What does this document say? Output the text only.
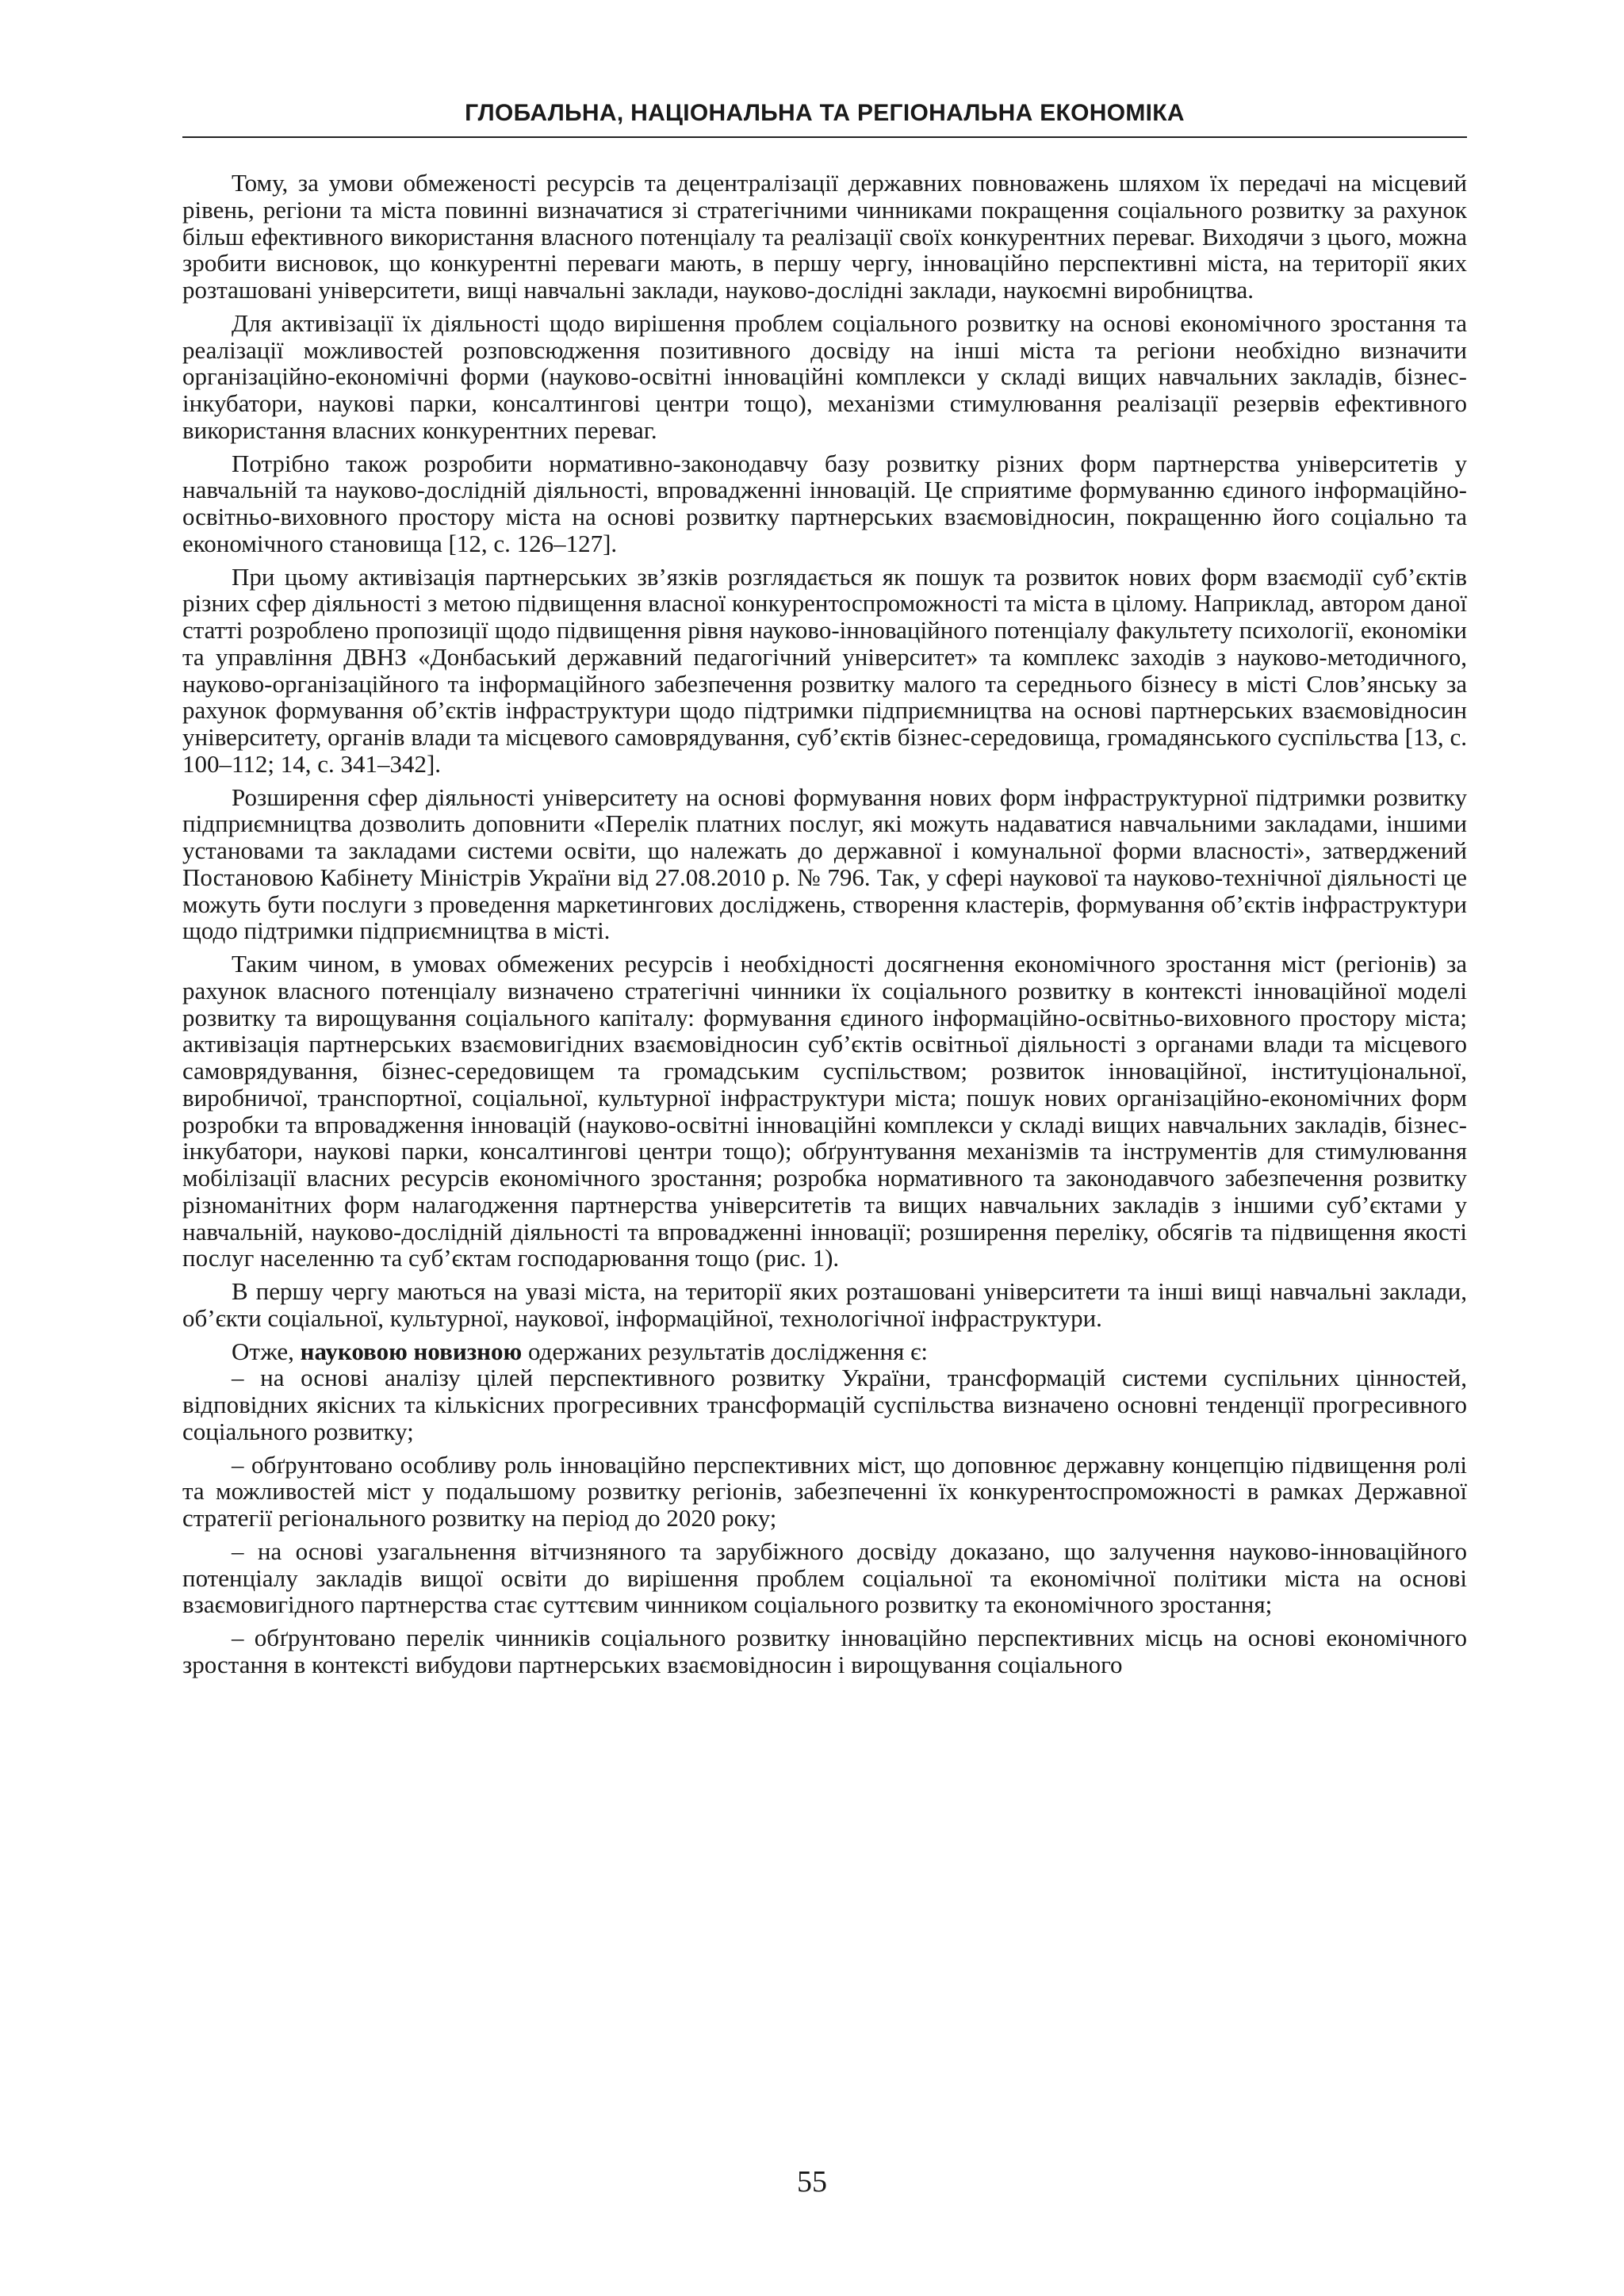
ГЛОБАЛЬНА, НАЦІОНАЛЬНА ТА РЕГІОНАЛЬНА ЕКОНОМІКА

Тому, за умови обмеженості ресурсів та децентралізації державних повноважень шляхом їх передачі на місцевий рівень, регіони та міста повинні визначатися зі стратегічними чинниками покращення соціального розвитку за рахунок більш ефективного використання власного потенціалу та реалізації своїх конкурентних переваг. Виходячи з цього, можна зробити висновок, що конкурентні переваги мають, в першу чергу, інноваційно перспективні міста, на території яких розташовані університети, вищі навчальні заклади, науково-дослідні заклади, наукоємні виробництва.

Для активізації їх діяльності щодо вирішення проблем соціального розвитку на основі економічного зростання та реалізації можливостей розповсюдження позитивного досвіду на інші міста та регіони необхідно визначити організаційно-економічні форми (науково-освітні інноваційні комплекси у складі вищих навчальних закладів, бізнес-інкубатори, наукові парки, консалтингові центри тощо), механізми стимулювання реалізації резервів ефективного використання власних конкурентних переваг.

Потрібно також розробити нормативно-законодавчу базу розвитку різних форм партнерства університетів у навчальній та науково-дослідній діяльності, впровадженні інновацій. Це сприятиме формуванню єдиного інформаційно-освітньо-виховного простору міста на основі розвитку партнерських взаємовідносин, покращенню його соціально та економічного становища [12, с. 126–127].

При цьому активізація партнерських зв’язків розглядається як пошук та розвиток нових форм взаємодії суб’єктів різних сфер діяльності з метою підвищення власної конкурентоспроможності та міста в цілому. Наприклад, автором даної статті розроблено пропозиції щодо підвищення рівня науково-інноваційного потенціалу факультету психології, економіки та управління ДВНЗ «Донбаський державний педагогічний університет» та комплекс заходів з науково-методичного, науково-організаційного та інформаційного забезпечення розвитку малого та середнього бізнесу в місті Слов’янську за рахунок формування об’єктів інфраструктури щодо підтримки підприємництва на основі партнерських взаємовідносин університету, органів влади та місцевого самоврядування, суб’єктів бізнес-середовища, громадянського суспільства [13, с. 100–112; 14, с. 341–342].

Розширення сфер діяльності університету на основі формування нових форм інфраструктурної підтримки розвитку підприємництва дозволить доповнити «Перелік платних послуг, які можуть надаватися навчальними закладами, іншими установами та закладами системи освіти, що належать до державної і комунальної форми власності», затверджений Постановою Кабінету Міністрів України від 27.08.2010 р. № 796. Так, у сфері наукової та науково-технічної діяльності це можуть бути послуги з проведення маркетингових досліджень, створення кластерів, формування об’єктів інфраструктури щодо підтримки підприємництва в місті.

Таким чином, в умовах обмежених ресурсів і необхідності досягнення економічного зростання міст (регіонів) за рахунок власного потенціалу визначено стратегічні чинники їх соціального розвитку в контексті інноваційної моделі розвитку та вирощування соціального капіталу: формування єдиного інформаційно-освітньо-виховного простору міста; активізація партнерських взаємовигідних взаємовідносин суб’єктів освітньої діяльності з органами влади та місцевого самоврядування, бізнес-середовищем та громадським суспільством; розвиток інноваційної, інституціональної, виробничої, транспортної, соціальної, культурної інфраструктури міста; пошук нових організаційно-економічних форм розробки та впровадження інновацій (науково-освітні інноваційні комплекси у складі вищих навчальних закладів, бізнес-інкубатори, наукові парки, консалтингові центри тощо); обґрунтування механізмів та інструментів для стимулювання мобілізації власних ресурсів економічного зростання; розробка нормативного та законодавчого забезпечення розвитку різноманітних форм налагодження партнерства університетів та вищих навчальних закладів з іншими суб’єктами у навчальній, науково-дослідній діяльності та впровадженні інновації; розширення переліку, обсягів та підвищення якості послуг населенню та суб’єктам господарювання тощо (рис. 1).

В першу чергу маються на увазі міста, на території яких розташовані університети та інші вищі навчальні заклади, об’єкти соціальної, культурної, наукової, інформаційної, технологічної інфраструктури.

Отже, науковою новизною одержаних результатів дослідження є:

– на основі аналізу цілей перспективного розвитку України, трансформацій системи суспільних цінностей, відповідних якісних та кількісних прогресивних трансформацій суспільства визначено основні тенденції прогресивного соціального розвитку;

– обґрунтовано особливу роль інноваційно перспективних міст, що доповнює державну концепцію підвищення ролі та можливостей міст у подальшому розвитку регіонів, забезпеченні їх конкурентоспроможності в рамках Державної стратегії регіонального розвитку на період до 2020 року;

– на основі узагальнення вітчизняного та зарубіжного досвіду доказано, що залучення науково-інноваційного потенціалу закладів вищої освіти до вирішення проблем соціальної та економічної політики міста на основі взаємовигідного партнерства стає суттєвим чинником соціального розвитку та економічного зростання;

– обґрунтовано перелік чинників соціального розвитку інноваційно перспективних місць на основі економічного зростання в контексті вибудови партнерських взаємовідносин і вирощування соціального

55
